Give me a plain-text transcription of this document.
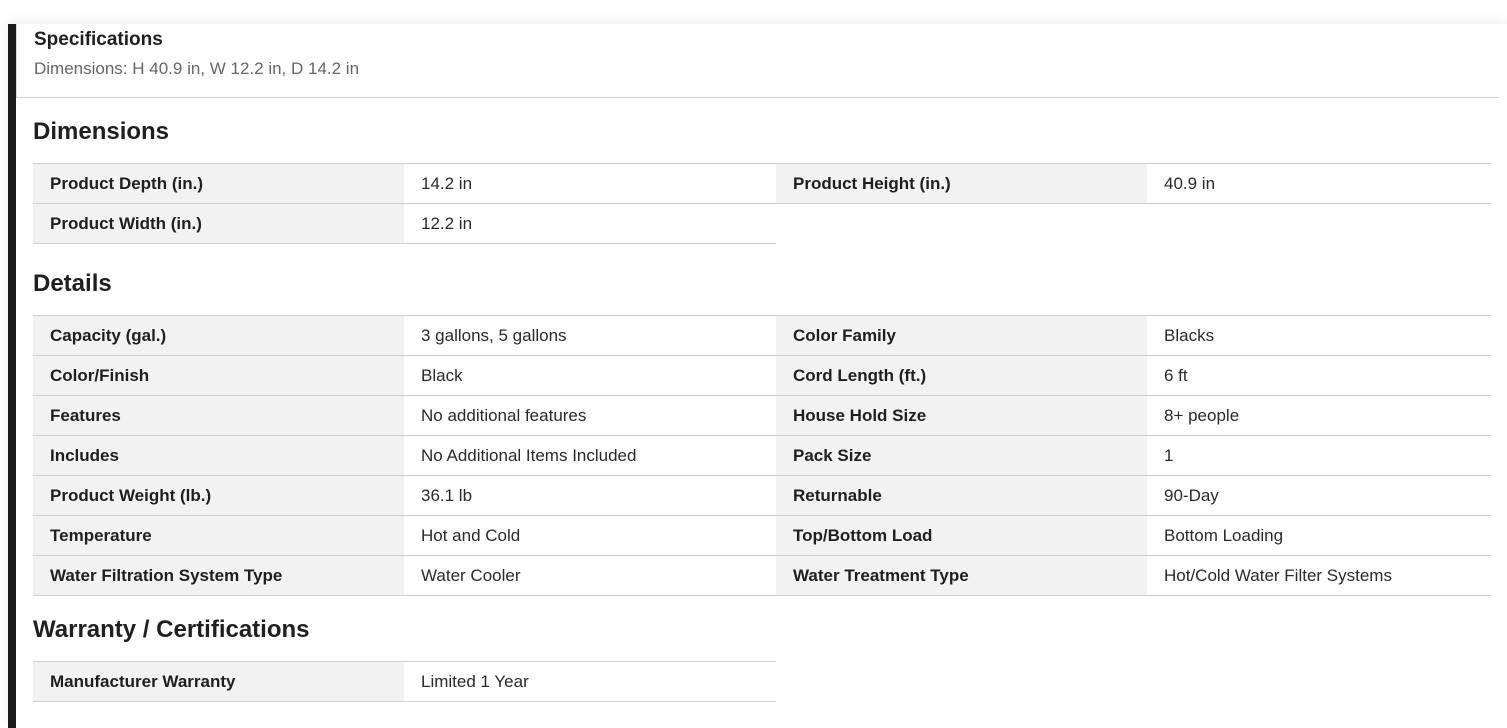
Specifications
Dimensions: H 40.9 in, W 12.2 in, D 14.2 in
Dimensions
Product Depth (in.)	14.2 in	Product Height (in.)	40.9 in
Product Width (in.)	12.2 in
Details
Capacity (gal.)	3 gallons, 5 gallons	Color Family	Blacks
Color/Finish	Black	Cord Length (ft.)	6 ft
Features	No additional features	House Hold Size	8+ people
Includes	No Additional Items Included	Pack Size	1
Product Weight (lb.)	36.1 lb	Returnable	90-Day
Temperature	Hot and Cold	Top/Bottom Load	Bottom Loading
Water Filtration System Type	Water Cooler	Water Treatment Type	Hot/Cold Water Filter Systems
Warranty / Certifications
Manufacturer Warranty	Limited 1 Year
